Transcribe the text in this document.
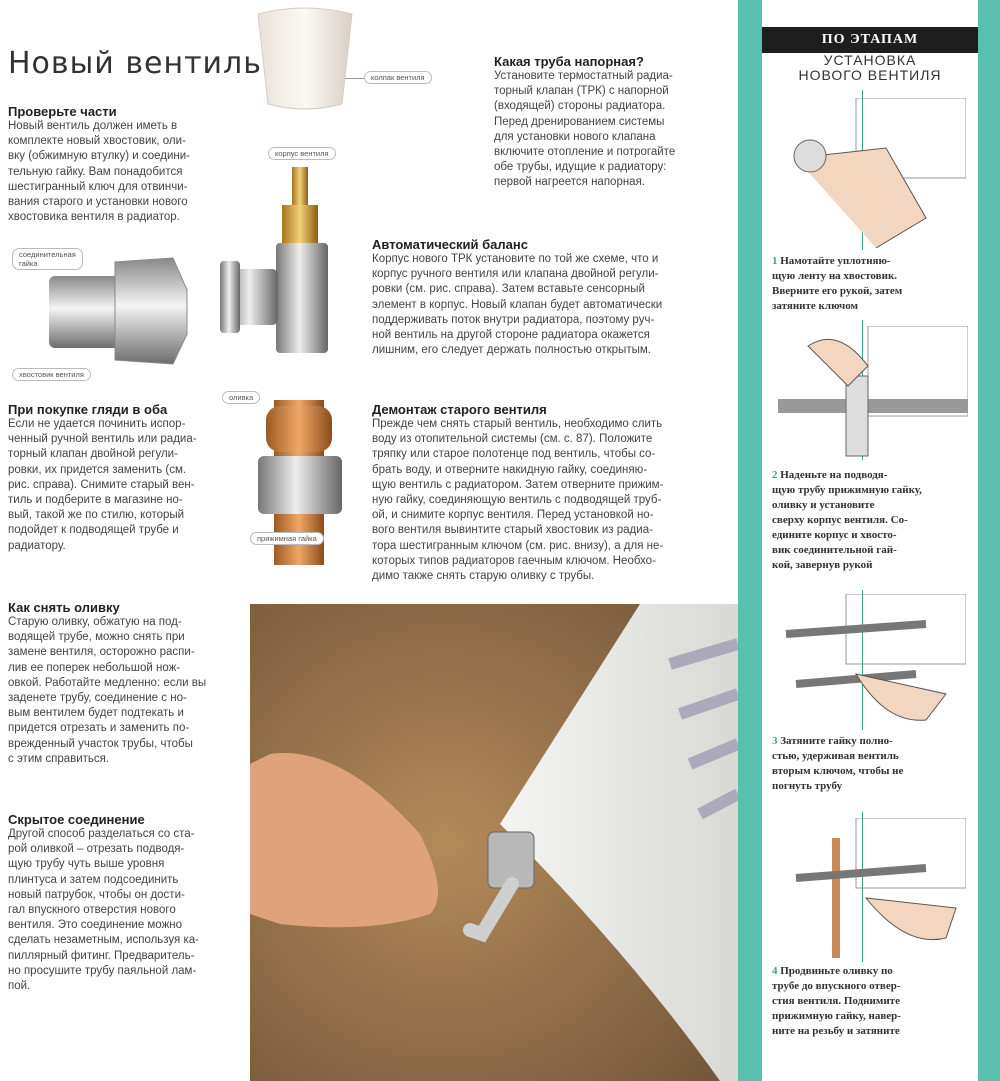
Новый вентиль
Проверьте части
Новый вентиль должен иметь в
комплекте новый хвостовик, оли-
вку (обжимную втулку) и соедини-
тельную гайку. Вам понадобится
шестигранный ключ для отвинчи-
вания старого и установки нового
хвостовика вентиля в радиатор.
При покупке гляди в оба
Если не удается починить испор-
ченный ручной вентиль или радиа-
торный клапан двойной регули-
ровки, их придется заменить (см.
рис. справа). Снимите старый вен-
тиль и подберите в магазине но-
вый, такой же по стилю, который
подойдет к подводящей трубе и
радиатору.
Как снять оливку
Старую оливку, обжатую на под-
водящей трубе, можно снять при
замене вентиля, осторожно распи-
лив ее поперек небольшой нож-
овкой. Работайте медленно: если вы
заденете трубу, соединение с но-
вым вентилем будет подтекать и
придется отрезать и заменить по-
врежденный участок трубы, чтобы
с этим справиться.
Скрытое соединение
Другой способ разделаться со ста-
рой оливкой – отрезать подводя-
щую трубу чуть выше уровня
плинтуса и затем подсоединить
новый патрубок, чтобы он дости-
гал впускного отверстия нового
вентиля. Это соединение можно
сделать незаметным, используя ка-
пиллярный фитинг. Предваритель-
но просушите трубу паяльной лам-
пой.
Какая труба напорная?
Установите термостатный радиа-
торный клапан (ТРК) с напорной
(входящей) стороны радиатора.
Перед дренированием системы
для установки нового клапана
включите отопление и потрогайте
обе трубы, идущие к радиатору:
первой нагреется напорная.
Автоматический баланс
Корпус нового ТРК установите по той же схеме, что и
корпус ручного вентиля или клапана двойной регули-
ровки (см. рис. справа). Затем вставьте сенсорный
элемент в корпус. Новый клапан будет автоматически
поддерживать поток внутри радиатора, поэтому руч-
ной вентиль на другой стороне радиатора окажется
лишним, его следует держать полностью открытым.
Демонтаж старого вентиля
Прежде чем снять старый вентиль, необходимо слить
воду из отопительной системы (см. с. 87). Положите
тряпку или старое полотенце под вентиль, чтобы со-
брать воду, и отверните накидную гайку, соединяю-
щую вентиль с радиатором. Затем отверните прижим-
ную гайку, соединяющую вентиль с подводящей труб-
ой, и снимите корпус вентиля. Перед установкой но-
вого вентиля вывинтите старый хвостовик из радиа-
тора шестигранным ключом (см. рис. внизу), а для не-
которых типов радиаторов гаечным ключом. Необхо-
димо также снять старую оливку с трубы.
колпак вентиля
корпус вентиля
соединительная
гайка
хвостовик вентиля
оливка
прижимная гайка
ПО ЭТАПАМ
УСТАНОВКА
НОВОГО ВЕНТИЛЯ
1 Намотайте уплотняю-
щую ленту на хвостовик.
Вверните его рукой, затем
затяните ключом
2 Наденьте на подводя-
щую трубу прижимную гайку,
оливку и установите
сверху корпус вентиля. Со-
едините корпус и хвосто-
вик соединительной гай-
кой, завернув рукой
3 Затяните гайку полно-
стью, удерживая вентиль
вторым ключом, чтобы не
погнуть трубу
4 Продвиньте оливку по
трубе до впускного отвер-
стия вентиля. Поднимите
прижимную гайку, навер-
ните на резьбу и затяните
